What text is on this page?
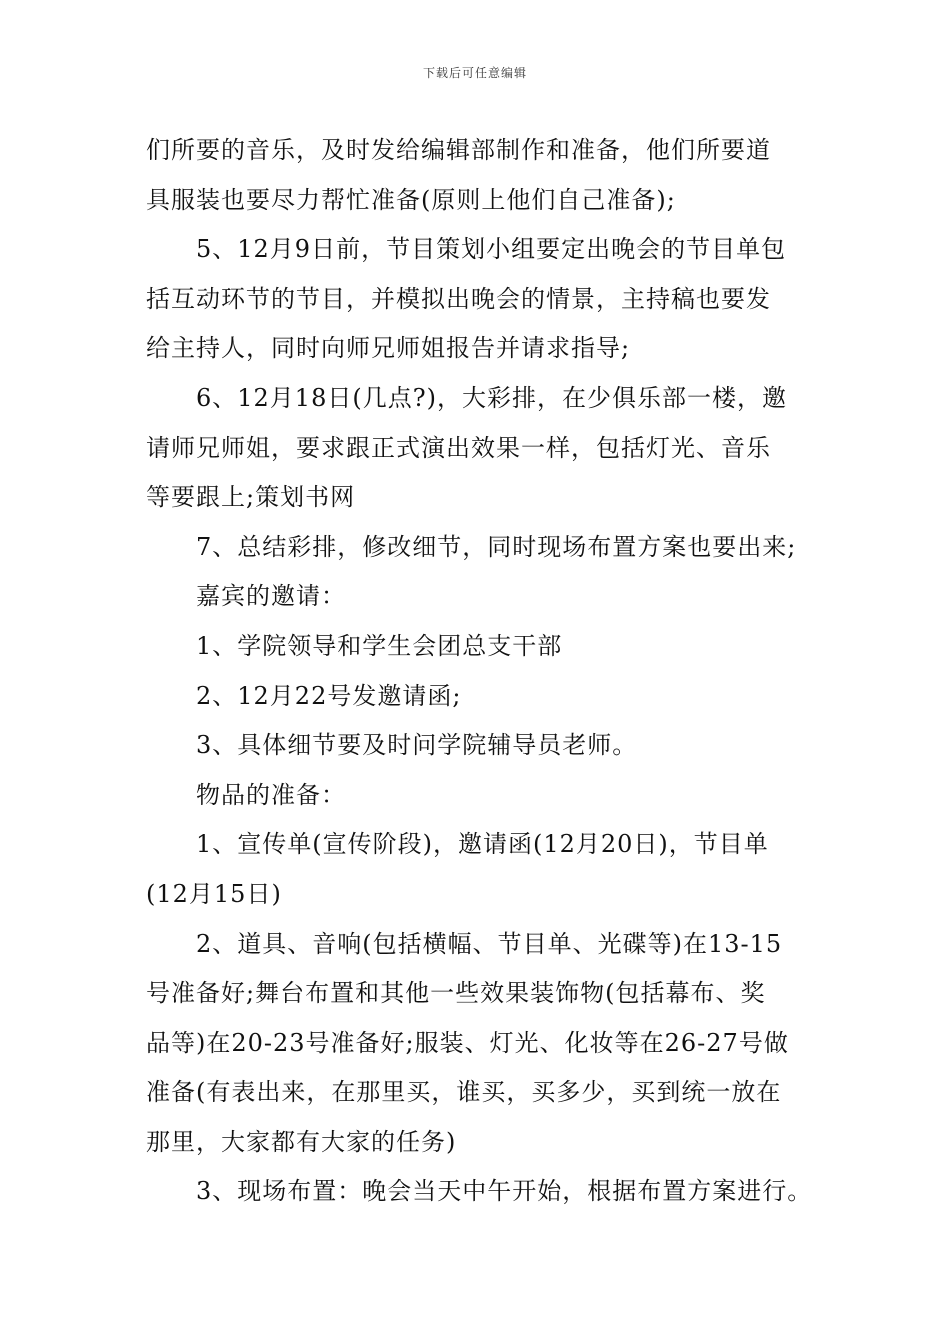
下载后可任意编辑
们所要的音乐，及时发给编辑部制作和准备，他们所要道
具服装也要尽力帮忙准备(原则上他们自己准备);
5、12月9日前，节目策划小组要定出晚会的节目单包
括互动环节的节目，并模拟出晚会的情景，主持稿也要发
给主持人，同时向师兄师姐报告并请求指导;
6、12月18日(几点?)，大彩排，在少俱乐部一楼，邀
请师兄师姐，要求跟正式演出效果一样，包括灯光、音乐
等要跟上;策划书网
7、总结彩排，修改细节，同时现场布置方案也要出来;
嘉宾的邀请：
1、学院领导和学生会团总支干部
2、12月22号发邀请函;
3、具体细节要及时问学院辅导员老师。
物品的准备：
1、宣传单(宣传阶段)，邀请函(12月20日)，节目单
(12月15日)
2、道具、音响(包括横幅、节目单、光碟等)在13-15
号准备好;舞台布置和其他一些效果装饰物(包括幕布、奖
品等)在20-23号准备好;服装、灯光、化妆等在26-27号做
准备(有表出来，在那里买，谁买，买多少，买到统一放在
那里，大家都有大家的任务)
3、现场布置：晚会当天中午开始，根据布置方案进行。
